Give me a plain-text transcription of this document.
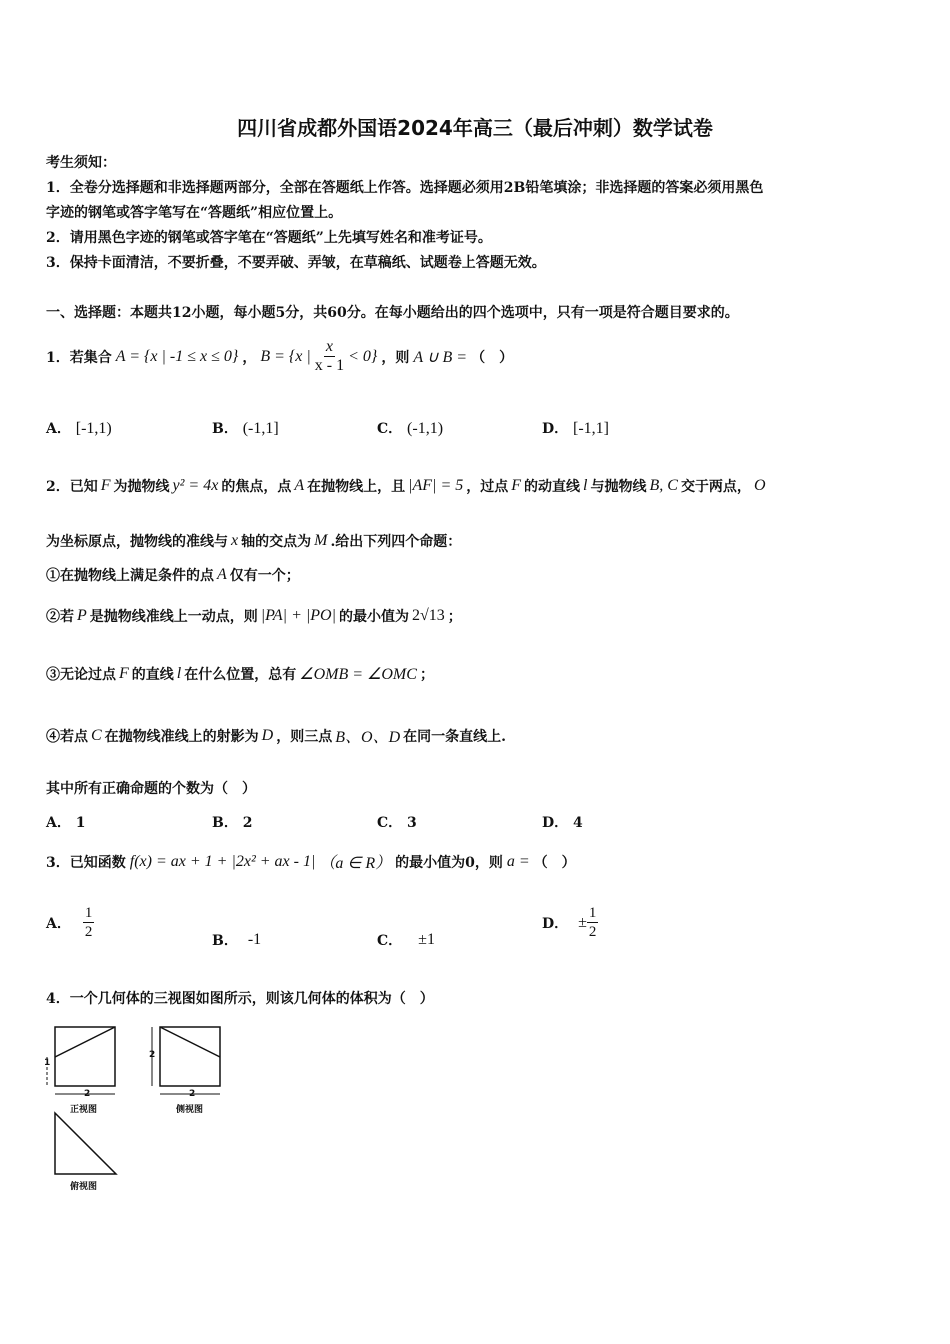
四川省成都外国语2024年高三（最后冲刺）数学试卷
考生须知：
1．全卷分选择题和非选择题两部分，全部在答题纸上作答。选择题必须用2B铅笔填涂；非选择题的答案必须用黑色
字迹的钢笔或答字笔写在“答题纸”相应位置上。
2．请用黑色字迹的钢笔或答字笔在“答题纸”上先填写姓名和准考证号。
3．保持卡面清洁，不要折叠，不要弄破、弄皱，在草稿纸、试题卷上答题无效。
一、选择题：本题共12小题，每小题5分，共60分。在每小题给出的四个选项中，只有一项是符合题目要求的。
1．若集合 A = {x | -1 ≤ x ≤ 0} ， B = {x | $\frac{x}{x - 1} < 0$} ，则 A ∪ B = （　）
A． [-1,1)	B． (-1,1]	C． (-1,1)	D． [-1,1]
2．已知 F 为抛物线 y² = 4x 的焦点，点 A 在抛物线上，且 |AF| = 5 ，过点 F 的动直线 l 与抛物线 B, C 交于两点， O
为坐标原点，抛物线的准线与 x 轴的交点为 M .给出下列四个命题：
①在抛物线上满足条件的点 A 仅有一个；
②若 P 是抛物线准线上一动点，则 |PA| + |PO| 的最小值为 2√13 ；
③无论过点 F 的直线 l 在什么位置，总有 ∠OMB = ∠OMC ；
④若点 C 在抛物线准线上的射影为 D ，则三点 B、O、D 在同一条直线上.
其中所有正确命题的个数为（　）
A． 1	B． 2	C． 3	D． 4
3．已知函数 f(x) = ax + 1 + |2x² + ax - 1| （a ∈ R） 的最小值为0，则 a = （　）
A． $\frac{1}{2}$	B． -1	C． ±1
D． ± $\frac{1}{2}$
4．一个几何体的三视图如图所示，则该几何体的体积为（　）
1
2
正视图
2
2
侧视图
俯视图
